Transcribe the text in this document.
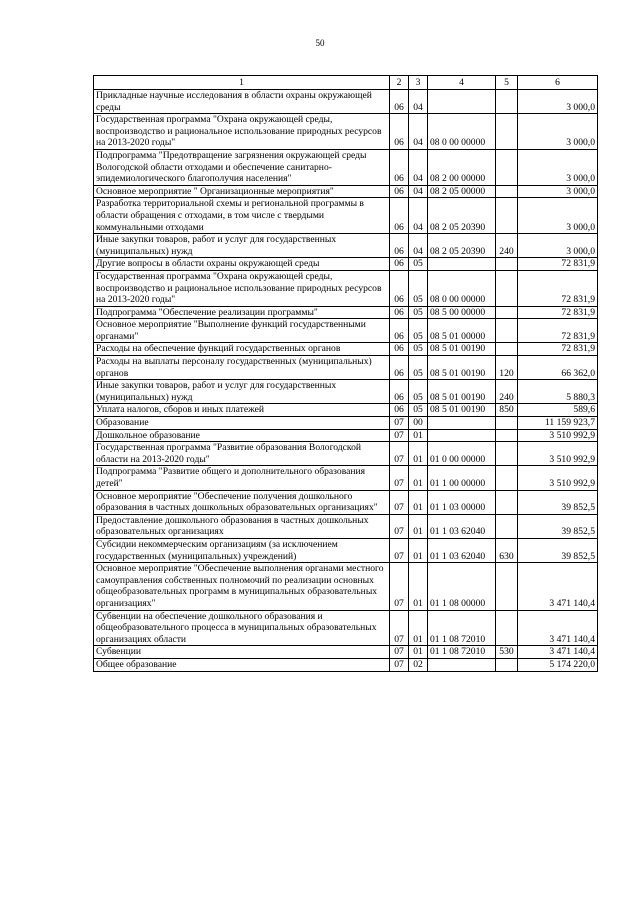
50
1	2	3	4	5	6
Прикладные научные исследования в области охраны окружающей среды	06	04			3 000,0
Государственная программа "Охрана окружающей среды, воспроизводство и рациональное использование природных ресурсов на 2013-2020 годы"	06	04	08 0 00 00000		3 000,0
Подпрограмма "Предотвращение загрязнения окружающей среды Вологодской области отходами и обеспечение санитарно-эпидемиологического благополучия населения"	06	04	08 2 00 00000		3 000,0
Основное мероприятие " Организационные мероприятия"	06	04	08 2 05 00000		3 000,0
Разработка территориальной схемы и региональной программы в области обращения с отходами, в том числе с твердыми коммунальными отходами	06	04	08 2 05 20390		3 000,0
Иные закупки товаров, работ и услуг для государственных (муниципальных) нужд	06	04	08 2 05 20390	240	3 000,0
Другие вопросы в области охраны окружающей среды	06	05			72 831,9
Государственная программа "Охрана окружающей среды, воспроизводство и рациональное использование природных ресурсов на 2013-2020 годы"	06	05	08 0 00 00000		72 831,9
Подпрограмма "Обеспечение реализации программы"	06	05	08 5 00 00000		72 831,9
Основное мероприятие "Выполнение функций государственными органами"	06	05	08 5 01 00000		72 831,9
Расходы на обеспечение функций государственных органов	06	05	08 5 01 00190		72 831,9
Расходы на выплаты персоналу государственных (муниципальных) органов	06	05	08 5 01 00190	120	66 362,0
Иные закупки товаров, работ и услуг для государственных (муниципальных) нужд	06	05	08 5 01 00190	240	5 880,3
Уплата налогов, сборов и иных платежей	06	05	08 5 01 00190	850	589,6
Образование	07	00			11 159 923,7
Дошкольное образование	07	01			3 510 992,9
Государственная программа "Развитие образования Вологодской области на 2013-2020 годы"	07	01	01 0 00 00000		3 510 992,9
Подпрограмма "Развитие общего и дополнительного образования детей"	07	01	01 1 00 00000		3 510 992,9
Основное мероприятие "Обеспечение получения дошкольного образования в частных дошкольных образовательных организациях"	07	01	01 1 03 00000		39 852,5
Предоставление дошкольного образования в частных дошкольных образовательных организациях	07	01	01 1 03 62040		39 852,5
Субсидии некоммерческим организациям (за исключением государственных (муниципальных) учреждений)	07	01	01 1 03 62040	630	39 852,5
Основное мероприятие "Обеспечение выполнения органами местного самоуправления собственных полномочий по реализации основных общеобразовательных программ в муниципальных образовательных организациях"	07	01	01 1 08 00000		3 471 140,4
Субвенции на обеспечение дошкольного образования и общеобразовательного процесса в муниципальных образовательных организациях области	07	01	01 1 08 72010		3 471 140,4
Субвенции	07	01	01 1 08 72010	530	3 471 140,4
Общее образование	07	02			5 174 220,0
